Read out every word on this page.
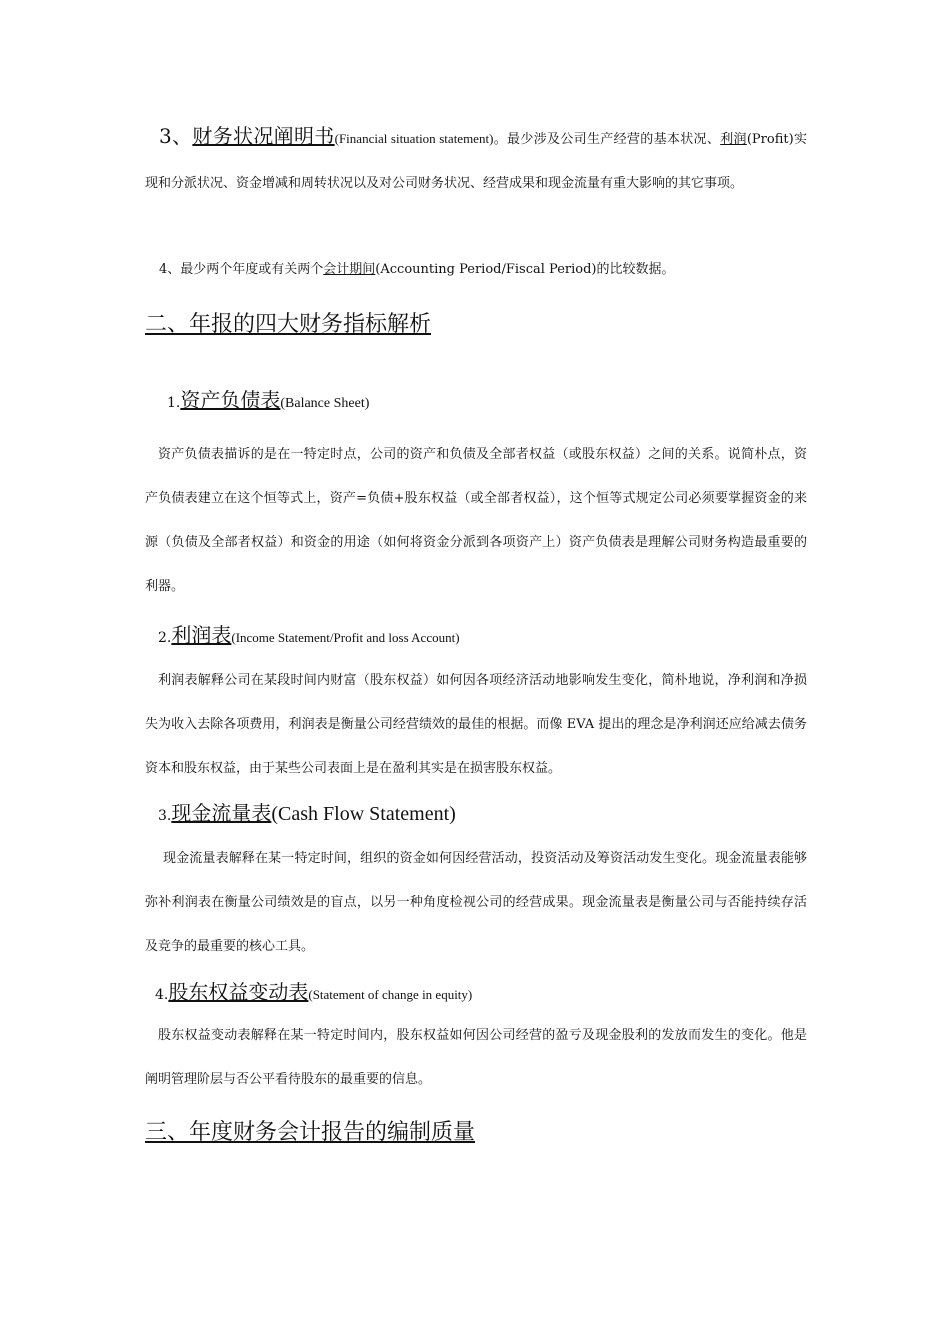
3、财务状况阐明书(Financial situation statement)。最少涉及公司生产经营的基本状况、利润(Profit)实现和分派状况、资金增减和周转状况以及对公司财务状况、经营成果和现金流量有重大影响的其它事项。

4、最少两个年度或有关两个会计期间(Accounting Period/Fiscal Period)的比较数据。

二、年报的四大财务指标解析
1.资产负债表(Balance Sheet)

资产负债表描诉的是在一特定时点，公司的资产和负债及全部者权益（或股东权益）之间的关系。说简朴点，资产负债表建立在这个恒等式上，资产=负债+股东权益（或全部者权益），这个恒等式规定公司必须要掌握资金的来源（负债及全部者权益）和资金的用途（如何将资金分派到各项资产上）资产负债表是理解公司财务构造最重要的利器。

2.利润表(Income Statement/Profit and loss Account)

利润表解释公司在某段时间内财富（股东权益）如何因各项经济活动地影响发生变化，简朴地说，净利润和净损失为收入去除各项费用，利润表是衡量公司经营绩效的最佳的根据。而像 EVA 提出的理念是净利润还应给减去债务资本和股东权益，由于某些公司表面上是在盈利其实是在损害股东权益。

3.现金流量表(Cash Flow Statement)

现金流量表解释在某一特定时间，组织的资金如何因经营活动，投资活动及筹资活动发生变化。现金流量表能够弥补利润表在衡量公司绩效是的盲点，以另一种角度检视公司的经营成果。现金流量表是衡量公司与否能持续存活及竞争的最重要的核心工具。

4.股东权益变动表(Statement of change in equity)

股东权益变动表解释在某一特定时间内，股东权益如何因公司经营的盈亏及现金股利的发放而发生的变化。他是阐明管理阶层与否公平看待股东的最重要的信息。

三、年度财务会计报告的编制质量
